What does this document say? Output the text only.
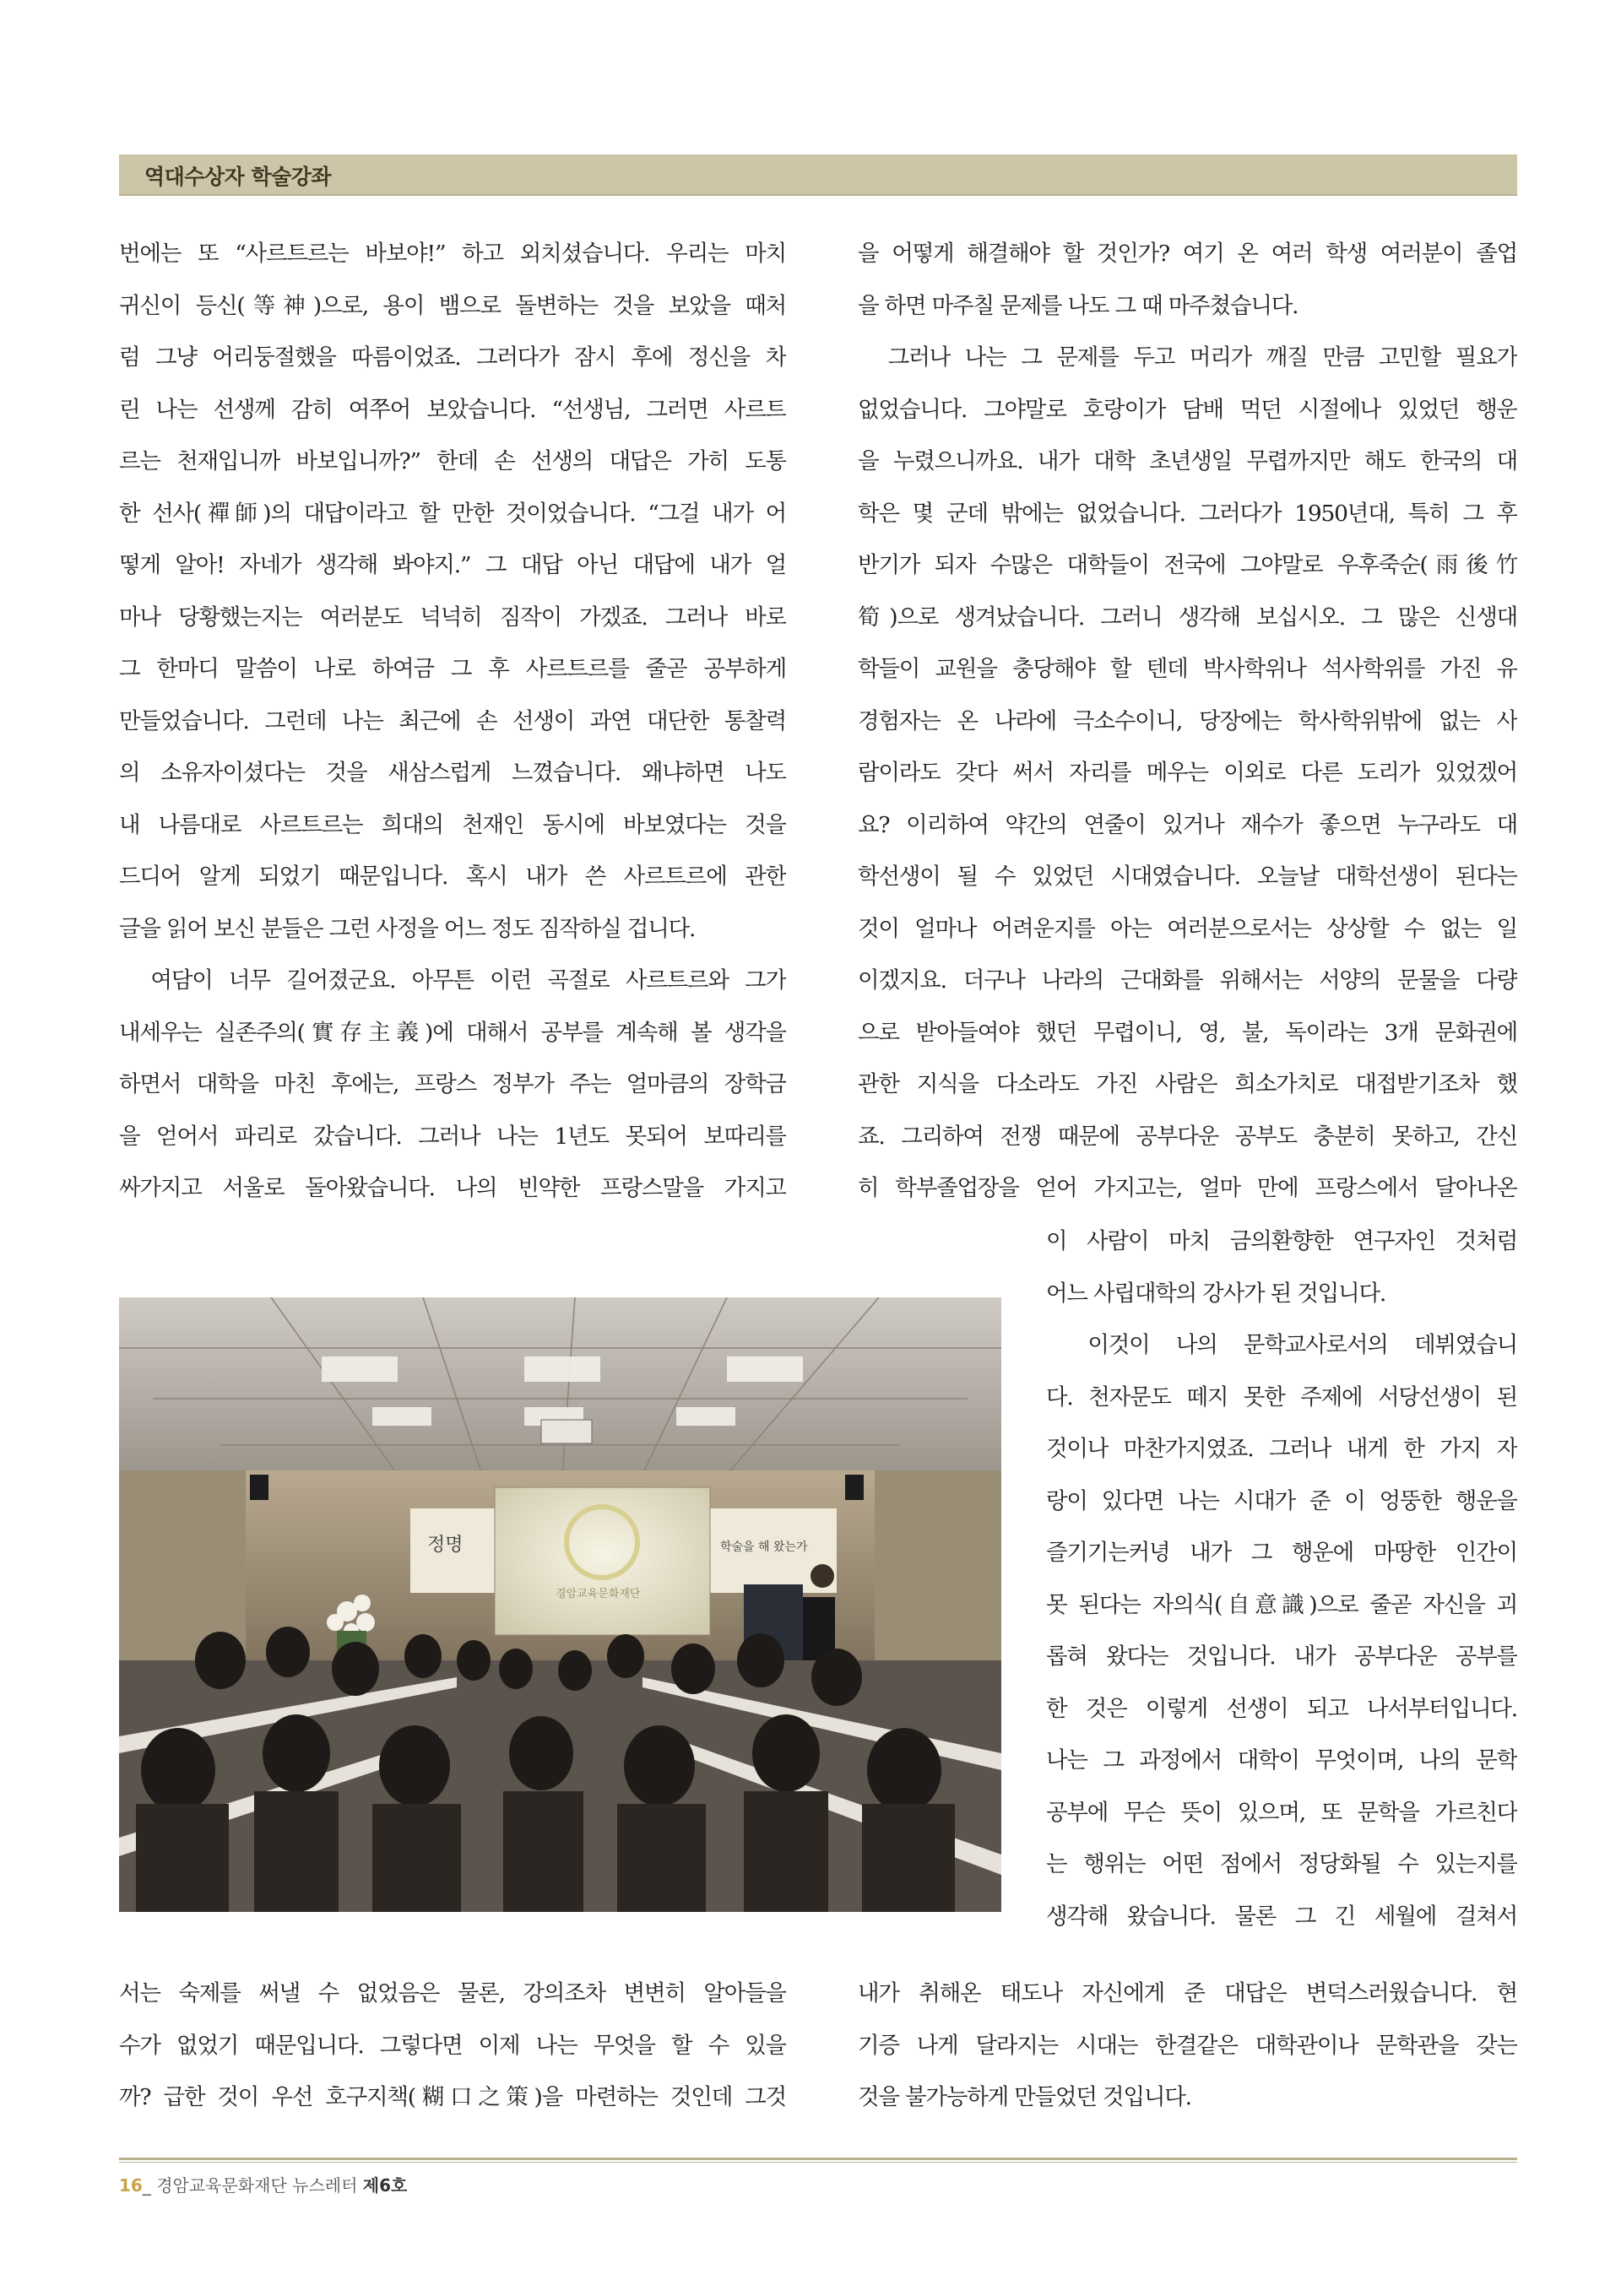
역대수상자 학술강좌
번에는 또 “사르트르는 바보야!” 하고 외치셨습니다. 우리는 마치
귀신이 등신(等神)으로, 용이 뱀으로 돌변하는 것을 보았을 때처
럼 그냥 어리둥절했을 따름이었죠. 그러다가 잠시 후에 정신을 차
린 나는 선생께 감히 여쭈어 보았습니다. “선생님, 그러면 사르트
르는 천재입니까 바보입니까?” 한데 손 선생의 대답은 가히 도통
한 선사(禪師)의 대답이라고 할 만한 것이었습니다. “그걸 내가 어
떻게 알아! 자네가 생각해 봐야지.” 그 대답 아닌 대답에 내가 얼
마나 당황했는지는 여러분도 넉넉히 짐작이 가겠죠. 그러나 바로
그 한마디 말씀이 나로 하여금 그 후 사르트르를 줄곧 공부하게
만들었습니다. 그런데 나는 최근에 손 선생이 과연 대단한 통찰력
의 소유자이셨다는 것을 새삼스럽게 느꼈습니다. 왜냐하면 나도
내 나름대로 사르트르는 희대의 천재인 동시에 바보였다는 것을
드디어 알게 되었기 때문입니다. 혹시 내가 쓴 사르트르에 관한
글을 읽어 보신 분들은 그런 사정을 어느 정도 짐작하실 겁니다.
　여담이 너무 길어졌군요. 아무튼 이런 곡절로 사르트르와 그가
내세우는 실존주의(實存主義)에 대해서 공부를 계속해 볼 생각을
하면서 대학을 마친 후에는, 프랑스 정부가 주는 얼마큼의 장학금
을 얻어서 파리로 갔습니다. 그러나 나는 1년도 못되어 보따리를
싸가지고 서울로 돌아왔습니다. 나의 빈약한 프랑스말을 가지고
을 어떻게 해결해야 할 것인가? 여기 온 여러 학생 여러분이 졸업
을 하면 마주칠 문제를 나도 그 때 마주쳤습니다.
　그러나 나는 그 문제를 두고 머리가 깨질 만큼 고민할 필요가
없었습니다. 그야말로 호랑이가 담배 먹던 시절에나 있었던 행운
을 누렸으니까요. 내가 대학 초년생일 무렵까지만 해도 한국의 대
학은 몇 군데 밖에는 없었습니다. 그러다가 1950년대, 특히 그 후
반기가 되자 수많은 대학들이 전국에 그야말로 우후죽순(雨後竹
筍)으로 생겨났습니다. 그러니 생각해 보십시오. 그 많은 신생대
학들이 교원을 충당해야 할 텐데 박사학위나 석사학위를 가진 유
경험자는 온 나라에 극소수이니, 당장에는 학사학위밖에 없는 사
람이라도 갖다 써서 자리를 메우는 이외로 다른 도리가 있었겠어
요? 이리하여 약간의 연줄이 있거나 재수가 좋으면 누구라도 대
학선생이 될 수 있었던 시대였습니다. 오늘날 대학선생이 된다는
것이 얼마나 어려운지를 아는 여러분으로서는 상상할 수 없는 일
이겠지요. 더구나 나라의 근대화를 위해서는 서양의 문물을 다량
으로 받아들여야 했던 무렵이니, 영, 불, 독이라는 3개 문화권에
관한 지식을 다소라도 가진 사람은 희소가치로 대접받기조차 했
죠. 그리하여 전쟁 때문에 공부다운 공부도 충분히 못하고, 간신
히 학부졸업장을 얻어 가지고는, 얼마 만에 프랑스에서 달아나온
이 사람이 마치 금의환향한 연구자인 것처럼
어느 사립대학의 강사가 된 것입니다.
　이것이 나의 문학교사로서의 데뷔였습니
다. 천자문도 떼지 못한 주제에 서당선생이 된
것이나 마찬가지였죠. 그러나 내게 한 가지 자
랑이 있다면 나는 시대가 준 이 엉뚱한 행운을
즐기기는커녕 내가 그 행운에 마땅한 인간이
못 된다는 자의식(自意識)으로 줄곧 자신을 괴
롭혀 왔다는 것입니다. 내가 공부다운 공부를
한 것은 이렇게 선생이 되고 나서부터입니다.
나는 그 과정에서 대학이 무엇이며, 나의 문학
공부에 무슨 뜻이 있으며, 또 문학을 가르친다
는 행위는 어떤 점에서 정당화될 수 있는지를
생각해 왔습니다. 물론 그 긴 세월에 걸쳐서
정명	학술을 해 왔는가
경암교육문화재단
서는 숙제를 써낼 수 없었음은 물론, 강의조차 변변히 알아들을
수가 없었기 때문입니다. 그렇다면 이제 나는 무엇을 할 수 있을
까? 급한 것이 우선 호구지책(糊口之策)을 마련하는 것인데 그것
내가 취해온 태도나 자신에게 준 대답은 변덕스러웠습니다. 현
기증 나게 달라지는 시대는 한결같은 대학관이나 문학관을 갖는
것을 불가능하게 만들었던 것입니다.
16_ 경암교육문화재단 뉴스레터 제6호
